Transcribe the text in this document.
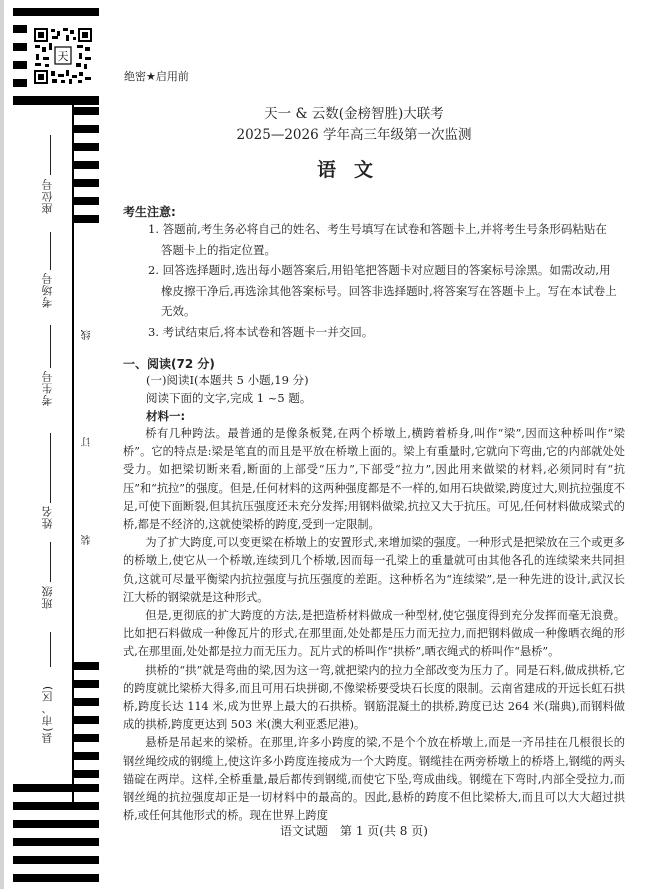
天
座位号
考场号
考生号
姓名
班级
县(市、区)
线
订
装
绝密★启用前
天一 & 云数(金榜智胜)大联考
2025—2026 学年高三年级第一次监测
语文
考生注意:
1. 答题前,考生务必将自己的姓名、考生号填写在试卷和答题卡上,并将考生号条形码粘贴在答题卡上的指定位置。
2. 回答选择题时,选出每小题答案后,用铅笔把答题卡对应题目的答案标号涂黑。如需改动,用橡皮擦干净后,再选涂其他答案标号。回答非选择题时,将答案写在答题卡上。写在本试卷上无效。
3. 考试结束后,将本试卷和答题卡一并交回。
一、阅读(72 分)
(一)阅读Ⅰ(本题共 5 小题,19 分)
阅读下面的文字,完成 1 ~5 题。
材料一:

桥有几种跨法。最普通的是像条板凳,在两个桥墩上,横跨着桥身,叫作“梁”,因而这种桥叫作“梁桥”。它的特点是:梁是笔直的而且是平放在桥墩上面的。梁上有重量时,它就向下弯曲,它的内部就处处受力。如把梁切断来看,断面的上部受“压力”,下部受“拉力”,因此用来做梁的材料,必须同时有“抗压”和“抗拉”的强度。但是,任何材料的这两种强度都是不一样的,如用石块做梁,跨度过大,则抗拉强度不足,可使下面断裂,但其抗压强度还未充分发挥;用钢料做梁,抗拉又大于抗压。可见,任何材料做成梁式的桥,都是不经济的,这就使梁桥的跨度,受到一定限制。

为了扩大跨度,可以变更梁在桥墩上的安置形式,来增加梁的强度。一种形式是把梁放在三个或更多的桥墩上,使它从一个桥墩,连续到几个桥墩,因而每一孔梁上的重量就可由其他各孔的连续梁来共同担负,这就可尽量平衡梁内抗拉强度与抗压强度的差距。这种桥名为“连续梁”,是一种先进的设计,武汉长江大桥的钢梁就是这种形式。

但是,更彻底的扩大跨度的方法,是把造桥材料做成一种型材,使它强度得到充分发挥而毫无浪费。比如把石料做成一种像瓦片的形式,在那里面,处处都是压力而无拉力,而把钢料做成一种像晒衣绳的形式,在那里面,处处都是拉力而无压力。瓦片式的桥叫作“拱桥”,晒衣绳式的桥叫作“悬桥”。

拱桥的“拱”就是弯曲的梁,因为这一弯,就把梁内的拉力全部改变为压力了。同是石料,做成拱桥,它的跨度就比梁桥大得多,而且可用石块拼砌,不像梁桥要受块石长度的限制。云南省建成的开远长虹石拱桥,跨度长达 114 米,成为世界上最大的石拱桥。钢筋混凝土的拱桥,跨度已达 264 米(瑞典),而钢料做成的拱桥,跨度更达到 503 米(澳大利亚悉尼港)。

悬桥是吊起来的梁桥。在那里,许多小跨度的梁,不是个个放在桥墩上,而是一齐吊挂在几根很长的钢丝绳绞成的钢缆上,使这许多小跨度连接成为一个大跨度。钢缆挂在两旁桥墩上的桥塔上,钢缆的两头锚碇在两岸。这样,全桥重量,最后都传到钢缆,而使它下坠,弯成曲线。钢缆在下弯时,内部全受拉力,而钢丝绳的抗拉强度却正是一切材料中的最高的。因此,悬桥的跨度不但比梁桥大,而且可以大大超过拱桥,或任何其他形式的桥。现在世界上跨度

语文试题　第 1 页(共 8 页)
